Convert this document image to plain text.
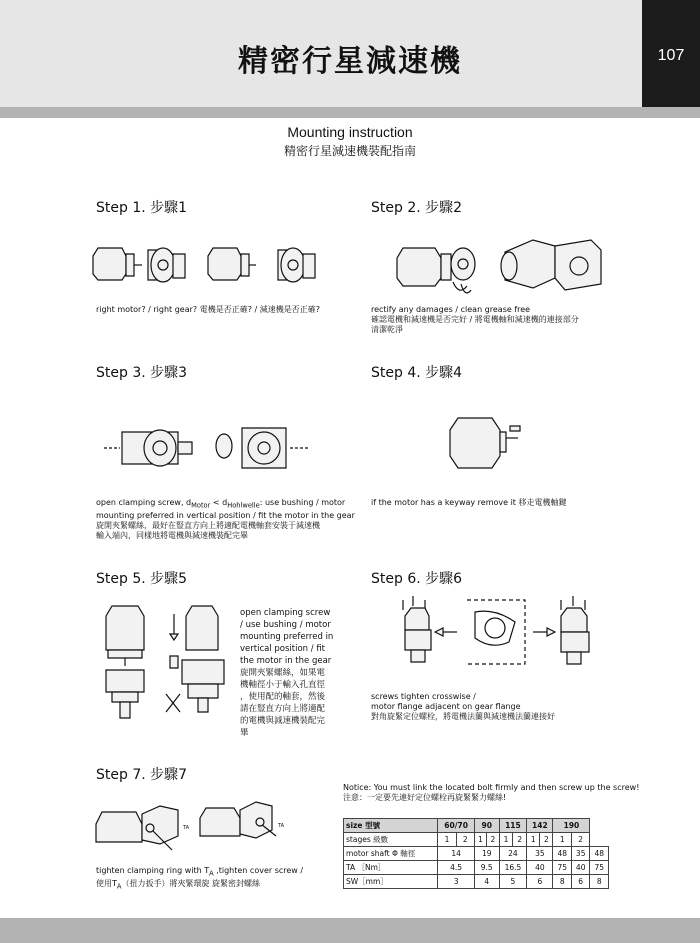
107
精密行星減速機
Mounting instruction
精密行星減速機裝配指南
Step 1. 步驟1
right motor? / right gear? 電機是否正確? / 減速機是否正確?
Step 2. 步驟2
rectify any damages / clean grease free
確認電機和減速機是否完好 / 將電機軸和減速機的連接部分
清潔乾淨
Step 3. 步驟3
open clamping screw, $d_{Motor} < d_{Hohlwelle}$: use bushing / motor
mounting preferred in vertical position / fit the motor in the gear
旋開夾緊螺絲，最好在豎直方向上將適配電機軸套安裝于減速機
輸入端內，同樣地將電機與減速機裝配完畢
Step 4. 步驟4
if the motor has a keyway remove it 移走電機軸鍵
Step 5. 步驟5
open clamping screw
/ use bushing / motor
mounting preferred in
vertical position / fit
the motor in the gear
旋開夾緊螺絲，如果電
機軸徑小于輸入孔直徑
，使用配的軸套，然後
請在豎直方向上將適配
的電機與減速機裝配完
畢
Step 6. 步驟6
screws tighten crosswise /
motor flange adjacent on gear flange
對角旋緊定位螺栓，將電機法蘭與減速機法蘭連接好
Step 7. 步驟7
TA	TA
tighten clamping ring with $T_A$ ,tighten cover screw /
使用$T_A$（扭力扳手）將夾緊環旋 旋緊密封螺絲
Notice: You must link the located bolt firmly and then screw up the screw!
注意：一定要先連好定位螺栓再旋緊緊力螺絲!
size 型號	60/70		90		115		142		190		
stages 級數	1	2	1	2	1	2	1	2	1	2	
motor shaft Φ 軸徑	14		19		24		35		48	35	48
TA ［Nm］	4.5		9.5		16.5		40		75	40	75
SW［mm］	3		4		5		6		8	6	8
